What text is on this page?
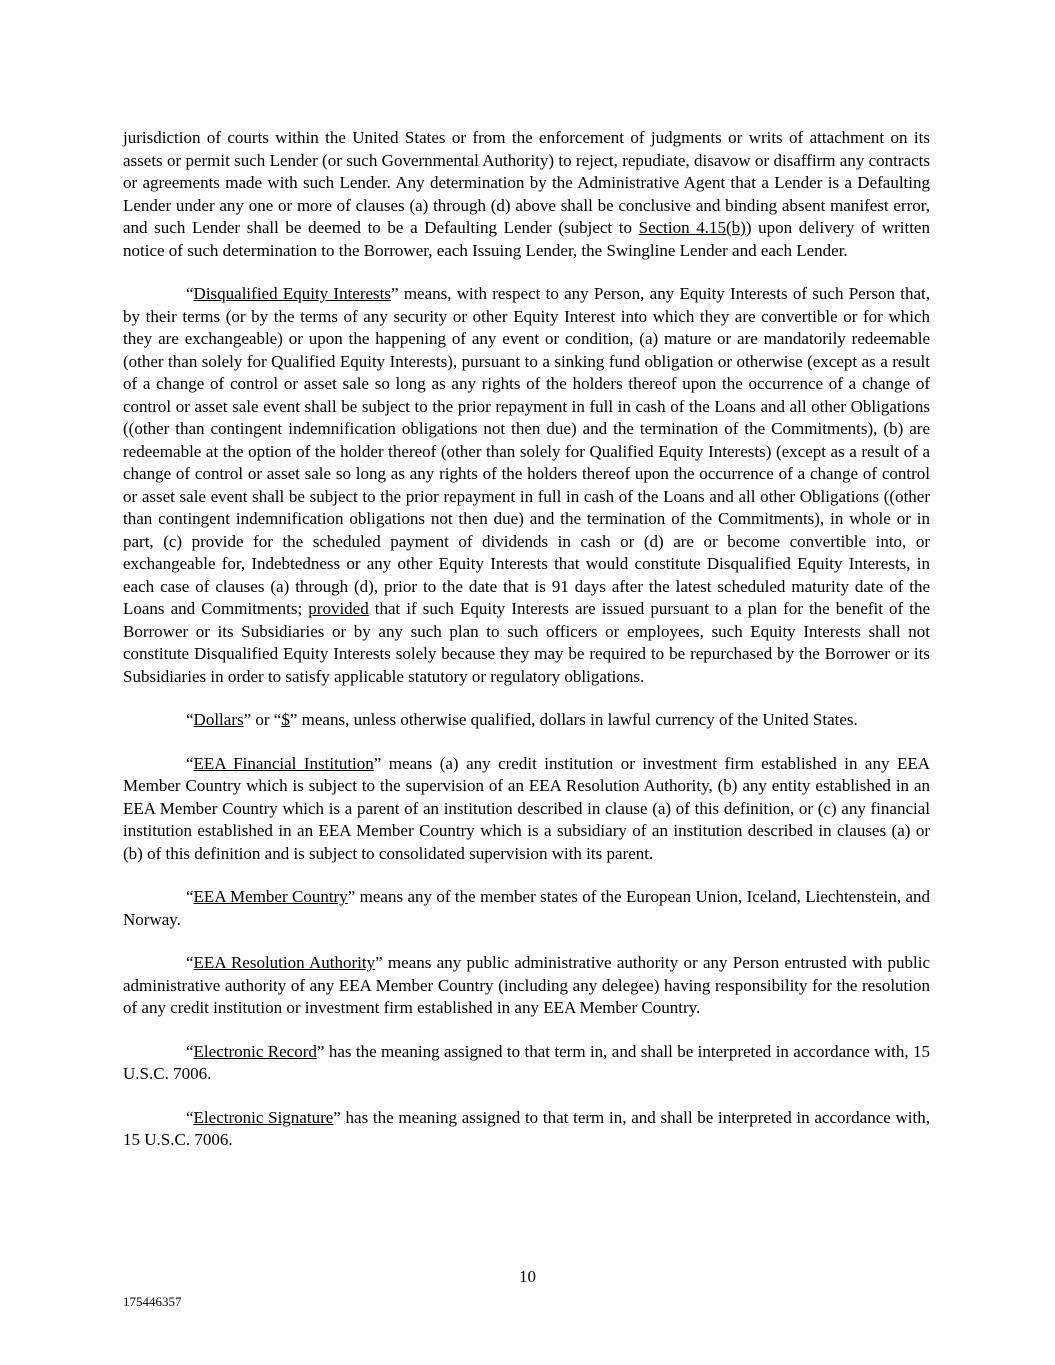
jurisdiction of courts within the United States or from the enforcement of judgments or writs of attachment on its assets or permit such Lender (or such Governmental Authority) to reject, repudiate, disavow or disaffirm any contracts or agreements made with such Lender. Any determination by the Administrative Agent that a Lender is a Defaulting Lender under any one or more of clauses (a) through (d) above shall be conclusive and binding absent manifest error, and such Lender shall be deemed to be a Defaulting Lender (subject to Section 4.15(b)) upon delivery of written notice of such determination to the Borrower, each Issuing Lender, the Swingline Lender and each Lender.

“Disqualified Equity Interests” means, with respect to any Person, any Equity Interests of such Person that, by their terms (or by the terms of any security or other Equity Interest into which they are convertible or for which they are exchangeable) or upon the happening of any event or condition, (a) mature or are mandatorily redeemable (other than solely for Qualified Equity Interests), pursuant to a sinking fund obligation or otherwise (except as a result of a change of control or asset sale so long as any rights of the holders thereof upon the occurrence of a change of control or asset sale event shall be subject to the prior repayment in full in cash of the Loans and all other Obligations ((other than contingent indemnification obligations not then due) and the termination of the Commitments), (b) are redeemable at the option of the holder thereof (other than solely for Qualified Equity Interests) (except as a result of a change of control or asset sale so long as any rights of the holders thereof upon the occurrence of a change of control or asset sale event shall be subject to the prior repayment in full in cash of the Loans and all other Obligations ((other than contingent indemnification obligations not then due) and the termination of the Commitments), in whole or in part, (c) provide for the scheduled payment of dividends in cash or (d) are or become convertible into, or exchangeable for, Indebtedness or any other Equity Interests that would constitute Disqualified Equity Interests, in each case of clauses (a) through (d), prior to the date that is 91 days after the latest scheduled maturity date of the Loans and Commitments; provided that if such Equity Interests are issued pursuant to a plan for the benefit of the Borrower or its Subsidiaries or by any such plan to such officers or employees, such Equity Interests shall not constitute Disqualified Equity Interests solely because they may be required to be repurchased by the Borrower or its Subsidiaries in order to satisfy applicable statutory or regulatory obligations.

“Dollars” or “$” means, unless otherwise qualified, dollars in lawful currency of the United States.

“EEA Financial Institution” means (a) any credit institution or investment firm established in any EEA Member Country which is subject to the supervision of an EEA Resolution Authority, (b) any entity established in an EEA Member Country which is a parent of an institution described in clause (a) of this definition, or (c) any financial institution established in an EEA Member Country which is a subsidiary of an institution described in clauses (a) or (b) of this definition and is subject to consolidated supervision with its parent.

“EEA Member Country” means any of the member states of the European Union, Iceland, Liechtenstein, and Norway.

“EEA Resolution Authority” means any public administrative authority or any Person entrusted with public administrative authority of any EEA Member Country (including any delegee) having responsibility for the resolution of any credit institution or investment firm established in any EEA Member Country.

“Electronic Record” has the meaning assigned to that term in, and shall be interpreted in accordance with, 15 U.S.C. 7006.

“Electronic Signature” has the meaning assigned to that term in, and shall be interpreted in accordance with, 15 U.S.C. 7006.

10
175446357
